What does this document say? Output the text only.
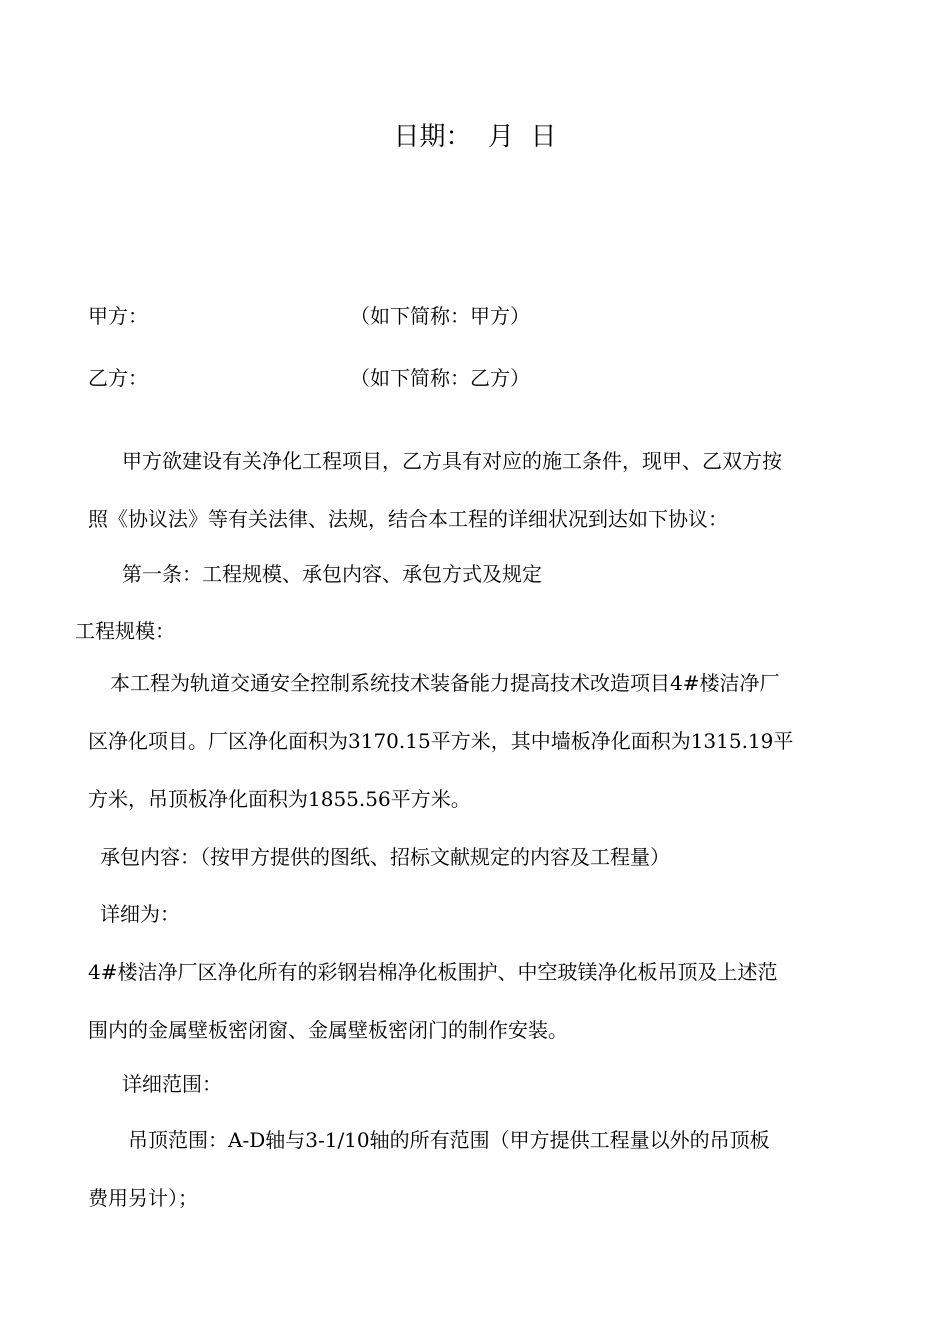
日期：  月  日
甲方：	（如下简称：甲方）
乙方：	（如下简称：乙方）
甲方欲建设有关净化工程项目，乙方具有对应的施工条件，现甲、乙双方按
照《协议法》等有关法律、法规，结合本工程的详细状况到达如下协议：
第一条：工程规模、承包内容、承包方式及规定
工程规模：
本工程为轨道交通安全控制系统技术装备能力提高技术改造项目4#楼洁净厂
区净化项目。厂区净化面积为3170.15平方米，其中墙板净化面积为1315.19平
方米，吊顶板净化面积为1855.56平方米。
承包内容：（按甲方提供的图纸、招标文献规定的内容及工程量）
详细为：
4#楼洁净厂区净化所有的彩钢岩棉净化板围护、中空玻镁净化板吊顶及上述范
围内的金属壁板密闭窗、金属壁板密闭门的制作安装。
详细范围：
吊顶范围：A-D轴与3-1/10轴的所有范围（甲方提供工程量以外的吊顶板
费用另计）；
